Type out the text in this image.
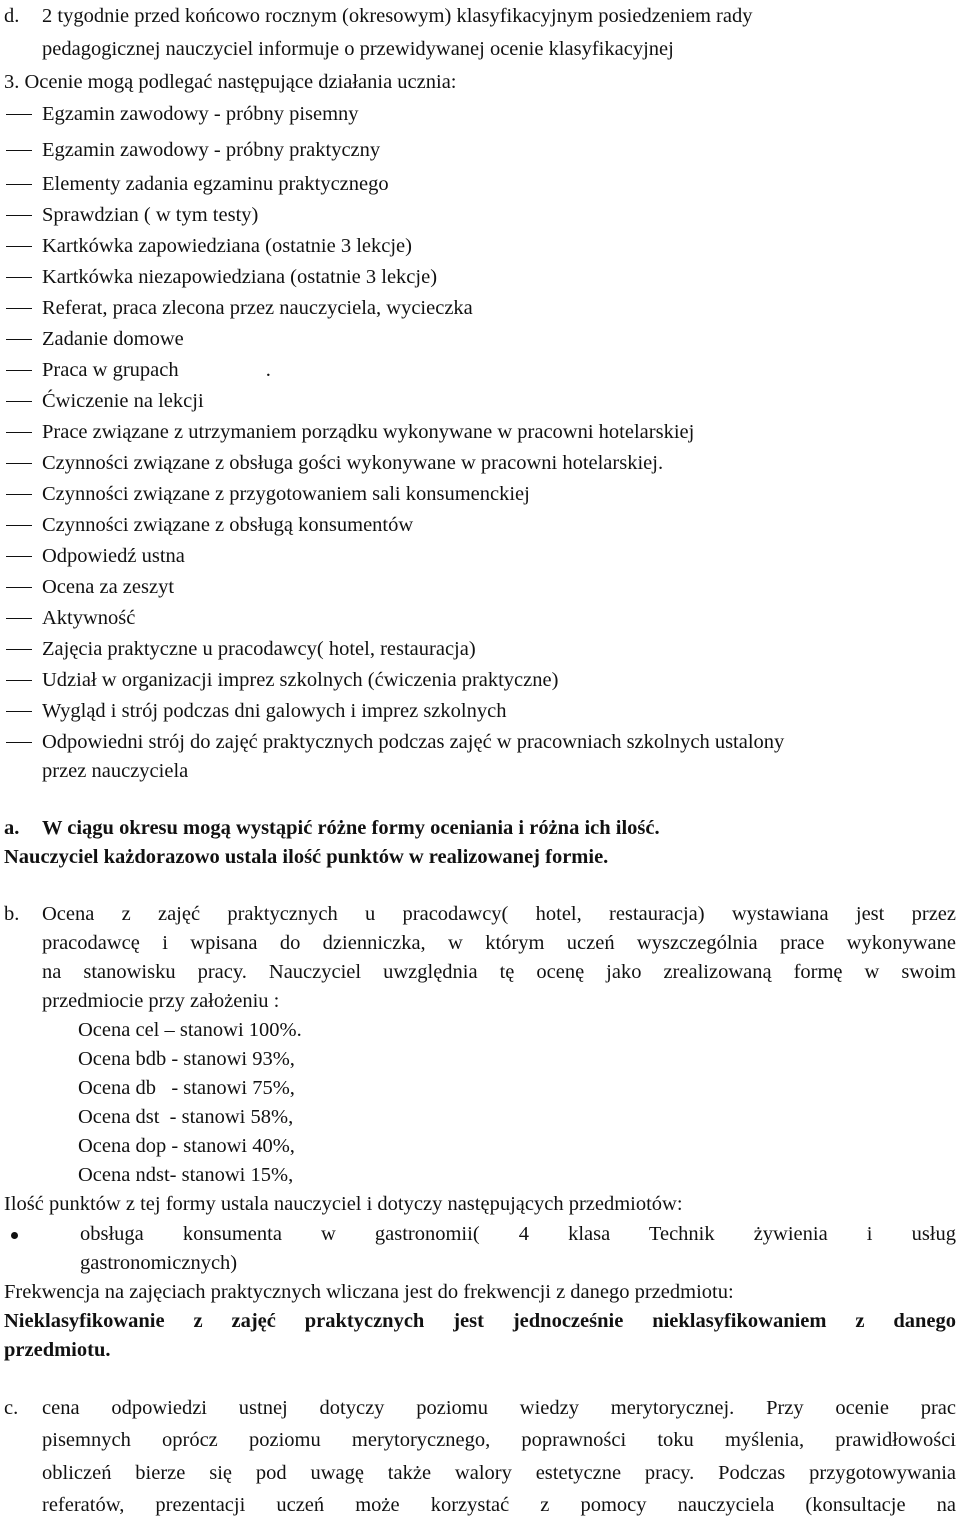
d. 2 tygodnie przed końcowo rocznym (okresowym) klasyfikacyjnym posiedzeniem rady
pedagogicznej nauczyciel informuje o przewidywanej ocenie klasyfikacyjnej
3. Ocenie mogą podlegać następujące działania ucznia:
Egzamin zawodowy - próbny pisemny
Egzamin zawodowy - próbny praktyczny
Elementy zadania egzaminu praktycznego
Sprawdzian ( w tym testy)
Kartkówka zapowiedziana (ostatnie 3 lekcje)
Kartkówka niezapowiedziana (ostatnie 3 lekcje)
Referat, praca zlecona przez nauczyciela, wycieczka
Zadanie domowe
Praca w grupach                 .
Ćwiczenie na lekcji
Prace związane z utrzymaniem porządku wykonywane w pracowni hotelarskiej
Czynności związane z obsługa gości wykonywane w pracowni hotelarskiej.
Czynności związane z przygotowaniem sali konsumenckiej
Czynności związane z obsługą konsumentów
Odpowiedź ustna
Ocena za zeszyt
Aktywność
Zajęcia praktyczne u pracodawcy( hotel, restauracja)
Udział w organizacji imprez szkolnych (ćwiczenia praktyczne)
Wygląd i strój podczas dni galowych i imprez szkolnych
Odpowiedni strój do zajęć praktycznych podczas zajęć w pracowniach szkolnych ustalony
przez nauczyciela
a. W ciągu okresu mogą wystąpić różne formy oceniania i różna ich ilość.
Nauczyciel każdorazowo ustala ilość punktów w realizowanej formie.
b. Ocena z zajęć praktycznych u pracodawcy( hotel, restauracja) wystawiana jest przez
pracodawcę i wpisana do dzienniczka, w którym uczeń wyszczególnia prace wykonywane
na stanowisku pracy. Nauczyciel uwzględnia tę ocenę jako zrealizowaną formę w swoim
przedmiocie przy założeniu :
Ocena cel – stanowi 100%.
Ocena bdb - stanowi 93%,
Ocena db   - stanowi 75%,
Ocena dst  - stanowi 58%,
Ocena dop - stanowi 40%,
Ocena ndst- stanowi 15%,
Ilość punktów z tej formy ustala nauczyciel i dotyczy następujących przedmiotów:
obsługa konsumenta w gastronomii( 4 klasa Technik żywienia i usług
gastronomicznych)
Frekwencja na zajęciach praktycznych wliczana jest do frekwencji z danego przedmiotu:
Nieklasyfikowanie z zajęć praktycznych jest jednocześnie nieklasyfikowaniem z danego
przedmiotu.
c. cena odpowiedzi ustnej dotyczy poziomu wiedzy merytorycznej. Przy ocenie prac
pisemnych oprócz poziomu merytorycznego, poprawności toku myślenia, prawidłowości
obliczeń bierze się pod uwagę także walory estetyczne pracy. Podczas przygotowywania
referatów, prezentacji uczeń może korzystać z pomocy nauczyciela (konsultacje na
